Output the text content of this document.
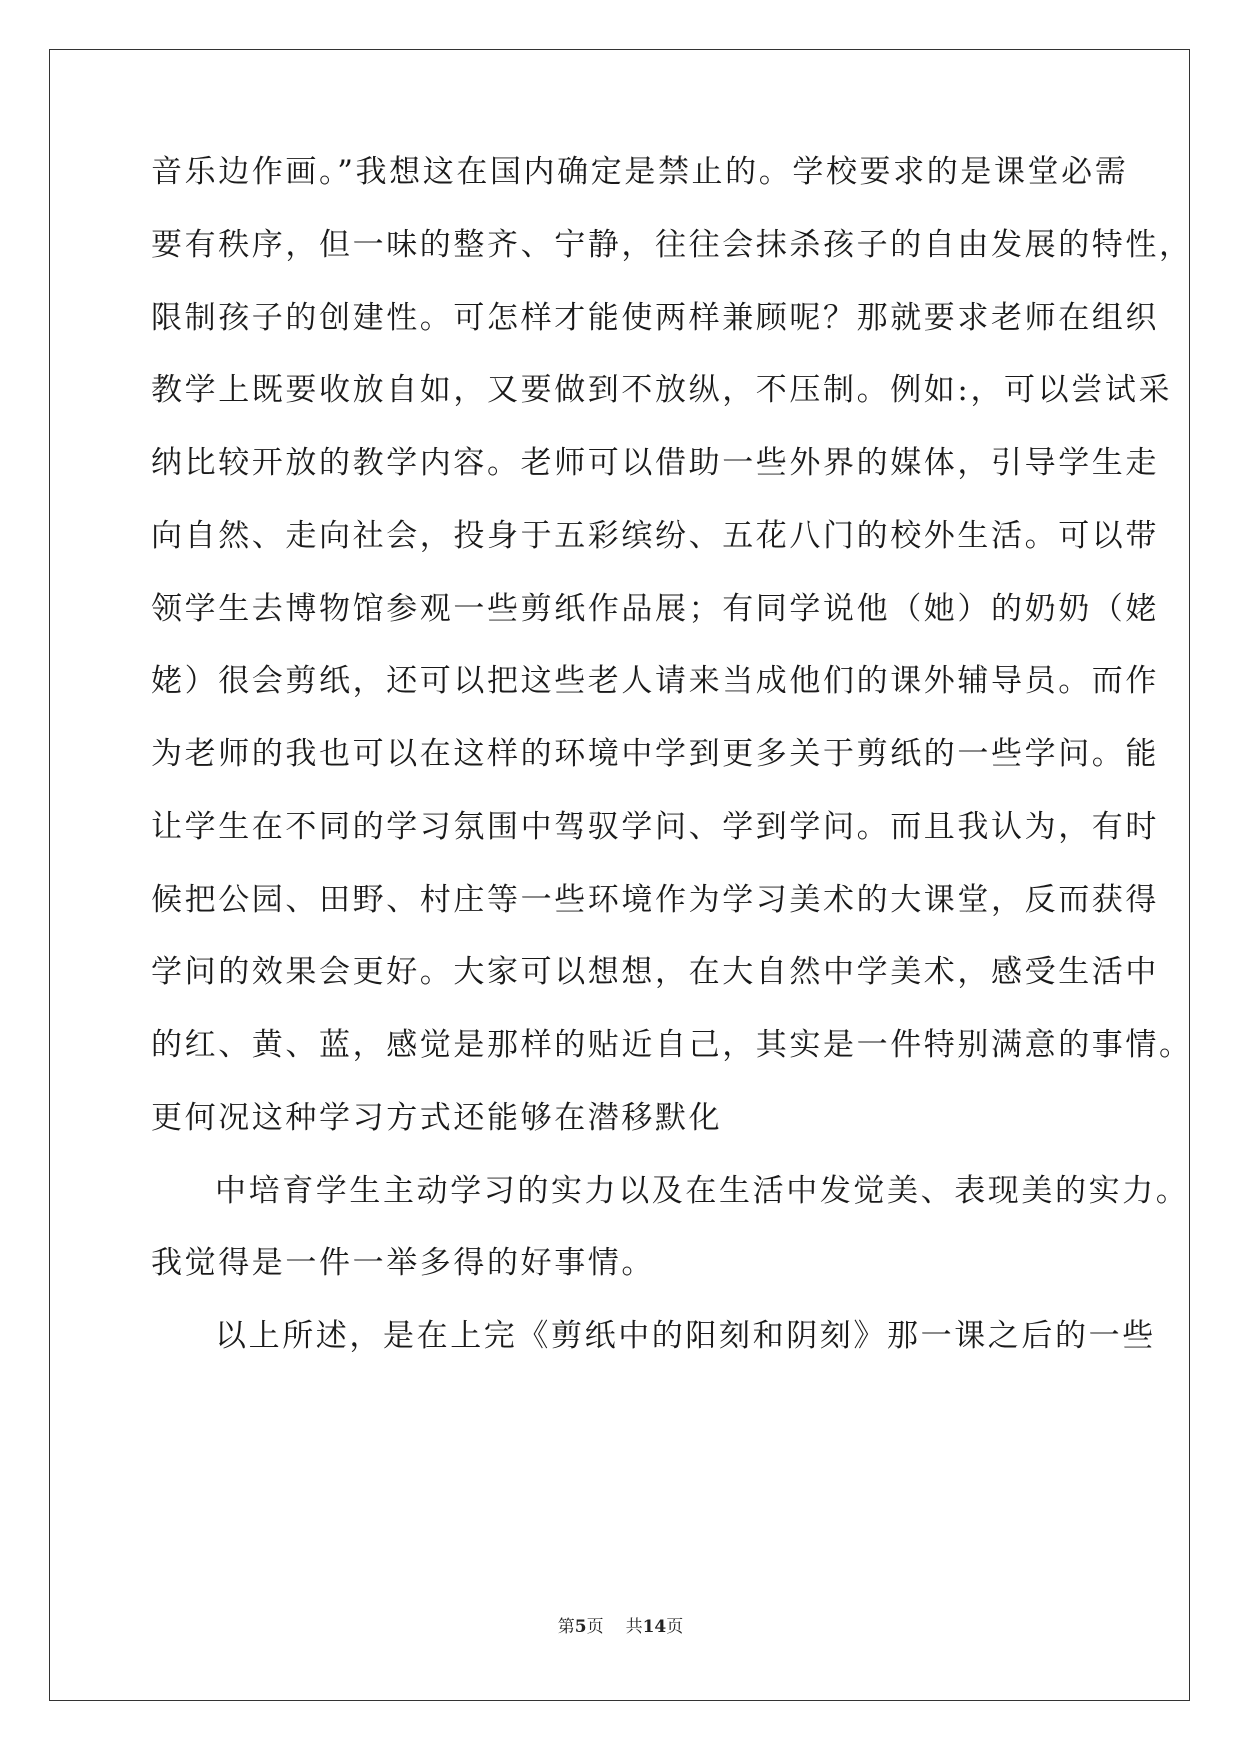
音乐边作画。”我想这在国内确定是禁止的。学校要求的是课堂必需
要有秩序，但一味的整齐、宁静，往往会抹杀孩子的自由发展的特性，
限制孩子的创建性。可怎样才能使两样兼顾呢？那就要求老师在组织
教学上既要收放自如，又要做到不放纵，不压制。例如:，可以尝试采
纳比较开放的教学内容。老师可以借助一些外界的媒体，引导学生走
向自然、走向社会，投身于五彩缤纷、五花八门的校外生活。可以带
领学生去博物馆参观一些剪纸作品展；有同学说他（她）的奶奶（姥
姥）很会剪纸，还可以把这些老人请来当成他们的课外辅导员。而作
为老师的我也可以在这样的环境中学到更多关于剪纸的一些学问。能
让学生在不同的学习氛围中驾驭学问、学到学问。而且我认为，有时
候把公园、田野、村庄等一些环境作为学习美术的大课堂，反而获得
学问的效果会更好。大家可以想想，在大自然中学美术，感受生活中
的红、黄、蓝，感觉是那样的贴近自己，其实是一件特别满意的事情。
更何况这种学习方式还能够在潜移默化
中培育学生主动学习的实力以及在生活中发觉美、表现美的实力。
我觉得是一件一举多得的好事情。
以上所述，是在上完《剪纸中的阳刻和阴刻》那一课之后的一些
第5页 共14页
